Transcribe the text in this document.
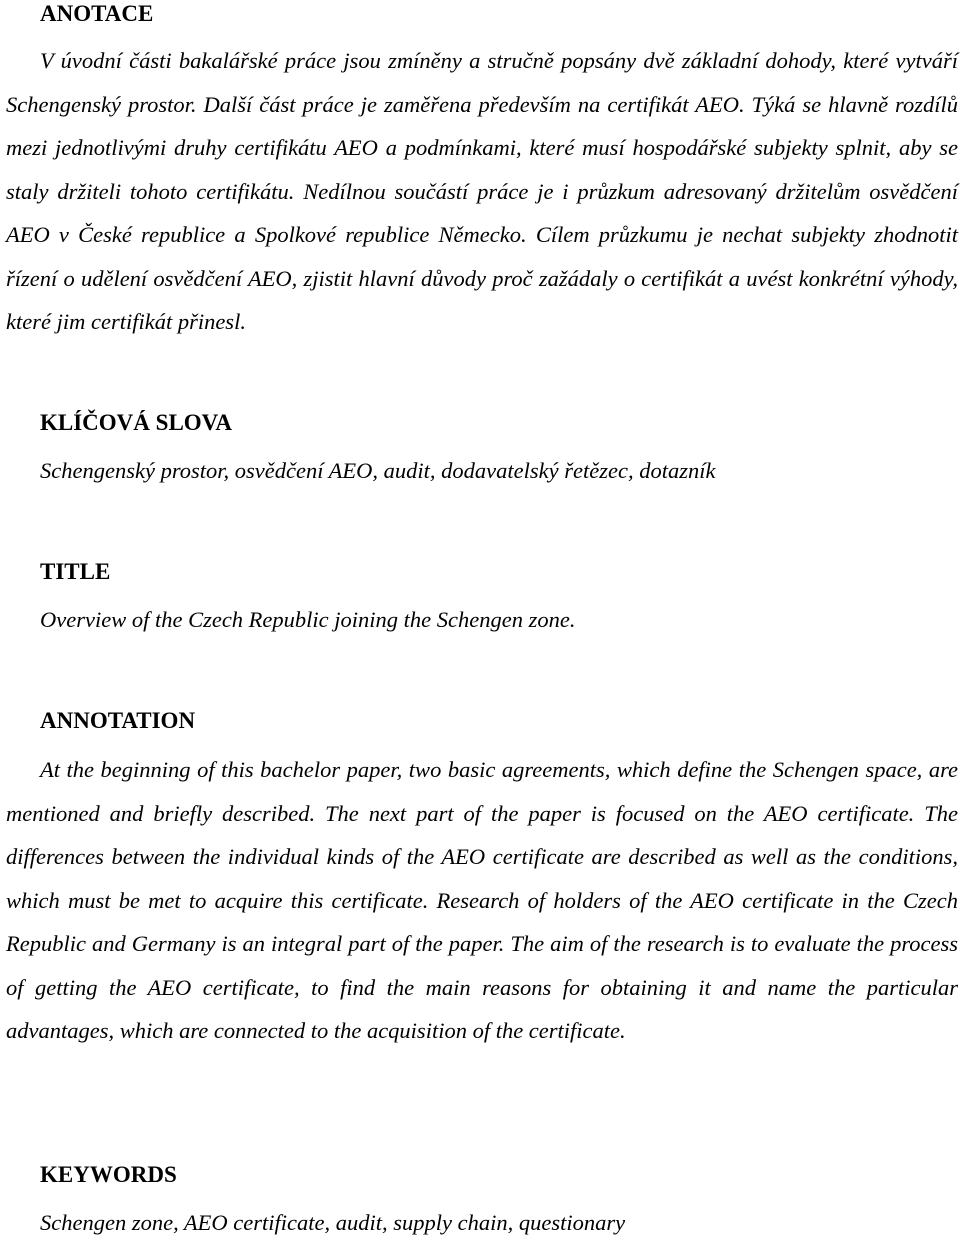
ANOTACE
V úvodní části bakalářské práce jsou zmíněny a stručně popsány dvě základní dohody, které vytváří Schengenský prostor. Další část práce je zaměřena především na certifikát AEO. Týká se hlavně rozdílů mezi jednotlivými druhy certifikátu AEO a podmínkami, které musí hospodářské subjekty splnit, aby se staly držiteli tohoto certifikátu. Nedílnou součástí práce je i průzkum adresovaný držitelům osvědčení AEO v České republice a Spolkové republice Německo. Cílem průzkumu je nechat subjekty zhodnotit řízení o udělení osvědčení AEO, zjistit hlavní důvody proč zažádaly o certifikát a uvést konkrétní výhody, které jim certifikát přinesl.
KLÍČOVÁ SLOVA
Schengenský prostor, osvědčení AEO, audit, dodavatelský řetězec, dotazník
TITLE
Overview of the Czech Republic joining the Schengen zone.
ANNOTATION
At the beginning of this bachelor paper, two basic agreements, which define the Schengen space, are mentioned and briefly described. The next part of the paper is focused on the AEO certificate. The differences between the individual kinds of the AEO certificate are described as well as the conditions, which must be met to acquire this certificate. Research of holders of the AEO certificate in the Czech Republic and Germany is an integral part of the paper. The aim of the research is to evaluate the process of getting the AEO certificate, to find the main reasons for obtaining it and name the particular advantages, which are connected to the acquisition of the certificate.
KEYWORDS
Schengen zone, AEO certificate, audit, supply chain, questionary
